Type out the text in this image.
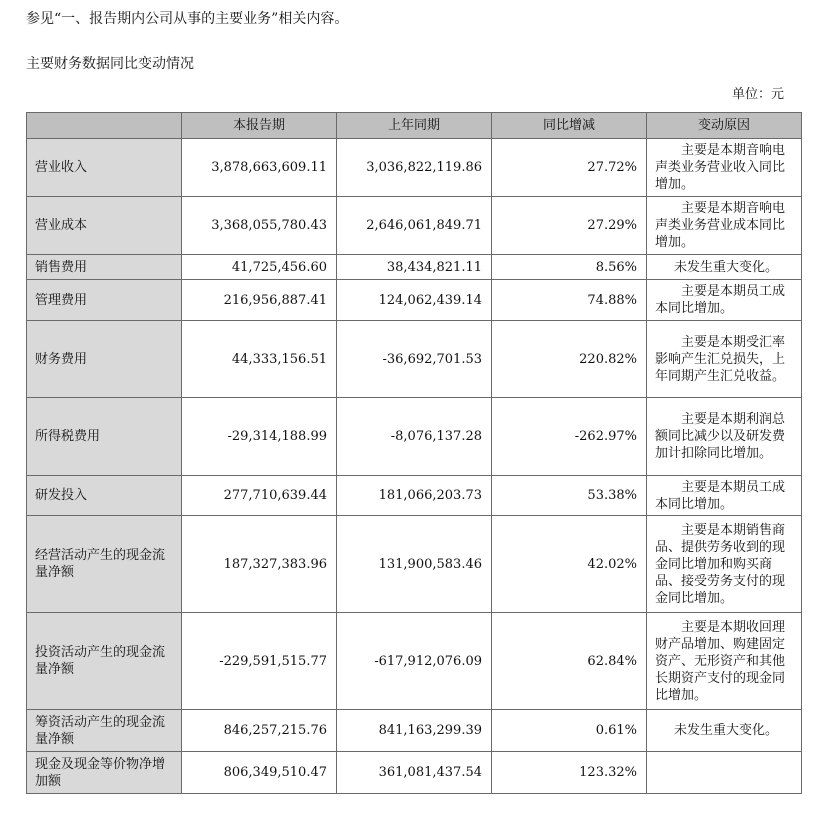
参见“一、报告期内公司从事的主要业务”相关内容。
主要财务数据同比变动情况
单位：元
	本报告期	上年同期	同比增减	变动原因
营业收入	3,878,663,609.11	3,036,822,119.86	27.72%	主要是本期音响电声类业务营业收入同比增加。

营业成本	3,368,055,780.43	2,646,061,849.71	27.29%	主要是本期音响电声类业务营业成本同比增加。

销售费用	41,725,456.60	38,434,821.11	8.56%	未发生重大变化。
管理费用	216,956,887.41	124,062,439.14	74.88%	主要是本期员工成本同比增加。

财务费用	44,333,156.51	-36,692,701.53	220.82%	主要是本期受汇率影响产生汇兑损失，上年同期产生汇兑收益。

所得税费用	-29,314,188.99	-8,076,137.28	-262.97%	主要是本期利润总额同比减少以及研发费加计扣除同比增加。

研发投入	277,710,639.44	181,066,203.73	53.38%	主要是本期员工成本同比增加。

经营活动产生的现金流量净额	187,327,383.96	131,900,583.46	42.02%	主要是本期销售商品、提供劳务收到的现金同比增加和购买商品、接受劳务支付的现金同比增加。

投资活动产生的现金流量净额	-229,591,515.77	-617,912,076.09	62.84%	主要是本期收回理财产品增加、购建固定资产、无形资产和其他长期资产支付的现金同比增加。

筹资活动产生的现金流量净额	846,257,215.76	841,163,299.39	0.61%	未发生重大变化。
现金及现金等价物净增加额	806,349,510.47	361,081,437.54	123.32%	
